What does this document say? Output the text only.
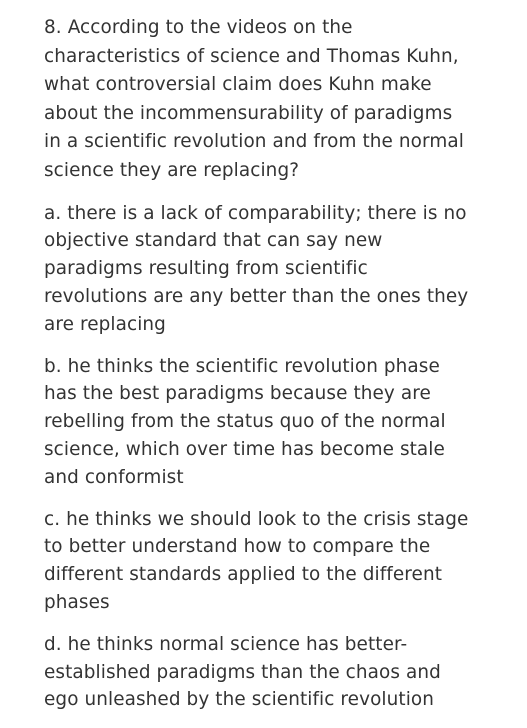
8. According to the videos on the
characteristics of science and Thomas Kuhn,
what controversial claim does Kuhn make
about the incommensurability of paradigms
in a scientific revolution and from the normal
science they are replacing?

a. there is a lack of comparability; there is no
objective standard that can say new
paradigms resulting from scientific
revolutions are any better than the ones they
are replacing
b. he thinks the scientific revolution phase
has the best paradigms because they are
rebelling from the status quo of the normal
science, which over time has become stale
and conformist
c. he thinks we should look to the crisis stage
to better understand how to compare the
different standards applied to the different
phases
d. he thinks normal science has better-
established paradigms than the chaos and
ego unleashed by the scientific revolution
